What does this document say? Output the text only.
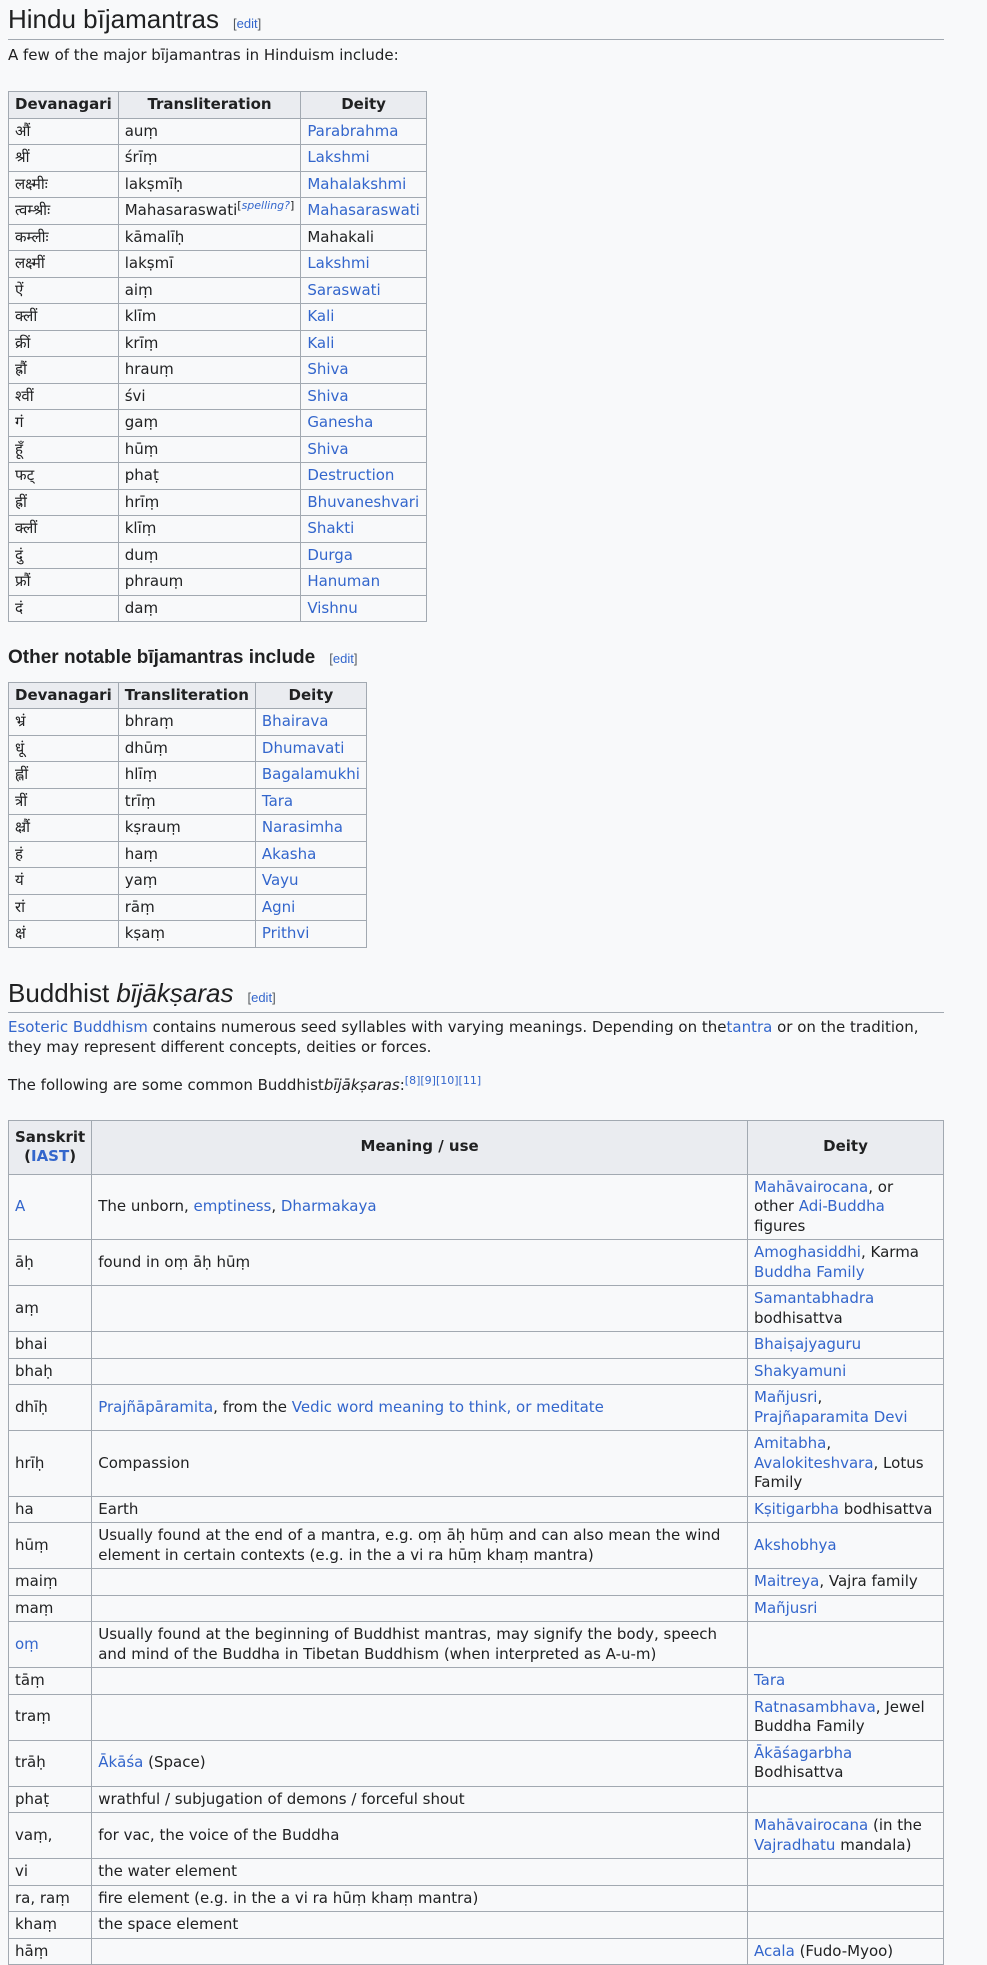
Hindu bījamantras [edit]

A few of the major bījamantras in Hinduism include:

Devanagari	Transliteration	Deity
औं	auṃ	Parabrahma
श्रीं	śrīṃ	Lakshmi
लक्ष्मीः	lakṣmīḥ	Mahalakshmi
त्वम्श्रीः	Mahasaraswati[spelling?]	Mahasaraswati
कम्लीः	kāmalīḥ	Mahakali
लक्ष्मीं	lakṣmī	Lakshmi
ऐं	aiṃ	Saraswati
क्लीं	klīm	Kali
क्रीं	krīṃ	Kali
ह्रौं	hrauṃ	Shiva
श्वीं	śvi	Shiva
गं	gaṃ	Ganesha
हूँ	hūṃ	Shiva
फट्	phaṭ	Destruction
ह्रीं	hrīṃ	Bhuvaneshvari
क्लीं	klīṃ	Shakti
दुं	duṃ	Durga
फ्रौं	phrauṃ	Hanuman
दं	daṃ	Vishnu
Other notable bījamantras include [edit]
Devanagari	Transliteration	Deity
भ्रं	bhraṃ	Bhairava
धूं	dhūṃ	Dhumavati
ह्लीं	hlīṃ	Bagalamukhi
त्रीं	trīṃ	Tara
क्ष्रौं	kṣrauṃ	Narasimha
हं	haṃ	Akasha
यं	yaṃ	Vayu
रां	rāṃ	Agni
क्षं	kṣaṃ	Prithvi
Buddhist bījākṣaras [edit]

Esoteric Buddhism contains numerous seed syllables with varying meanings. Depending on thetantra or on the tradition, they may represent different concepts, deities or forces.

The following are some common Buddhistbījākṣaras:[8][9][10][11]

Sanskrit
(IAST)	Meaning / use	Deity
A	The unborn, emptiness, Dharmakaya	Mahāvairocana, or other Adi-Buddha figures
āḥ	found in oṃ āḥ hūṃ	Amoghasiddhi, Karma Buddha Family
aṃ		Samantabhadra bodhisattva
bhai		Bhaiṣajyaguru
bhaḥ		Shakyamuni
dhīḥ	Prajñāpāramita, from the Vedic word meaning to think, or meditate	Mañjusri, Prajñaparamita Devi
hrīḥ	Compassion	Amitabha, Avalokiteshvara, Lotus Family
ha	Earth	Kṣitigarbha bodhisattva
hūṃ	Usually found at the end of a mantra, e.g. oṃ āḥ hūṃ and can also mean the wind element in certain contexts (e.g. in the a vi ra hūṃ khaṃ mantra)	Akshobhya
maiṃ		Maitreya, Vajra family
maṃ		Mañjusri
oṃ	Usually found at the beginning of Buddhist mantras, may signify the body, speech and mind of the Buddha in Tibetan Buddhism (when interpreted as A-u-m)	
tāṃ		Tara
traṃ		Ratnasambhava, Jewel Buddha Family
trāḥ	Ākāśa (Space)	Ākāśagarbha Bodhisattva
phaṭ	wrathful / subjugation of demons / forceful shout	
vaṃ,	for vac, the voice of the Buddha	Mahāvairocana (in the Vajradhatu mandala)
vi	the water element	
ra, raṃ	fire element (e.g. in the a vi ra hūṃ khaṃ mantra)	
khaṃ	the space element	
hāṃ		Acala (Fudo-Myoo)
